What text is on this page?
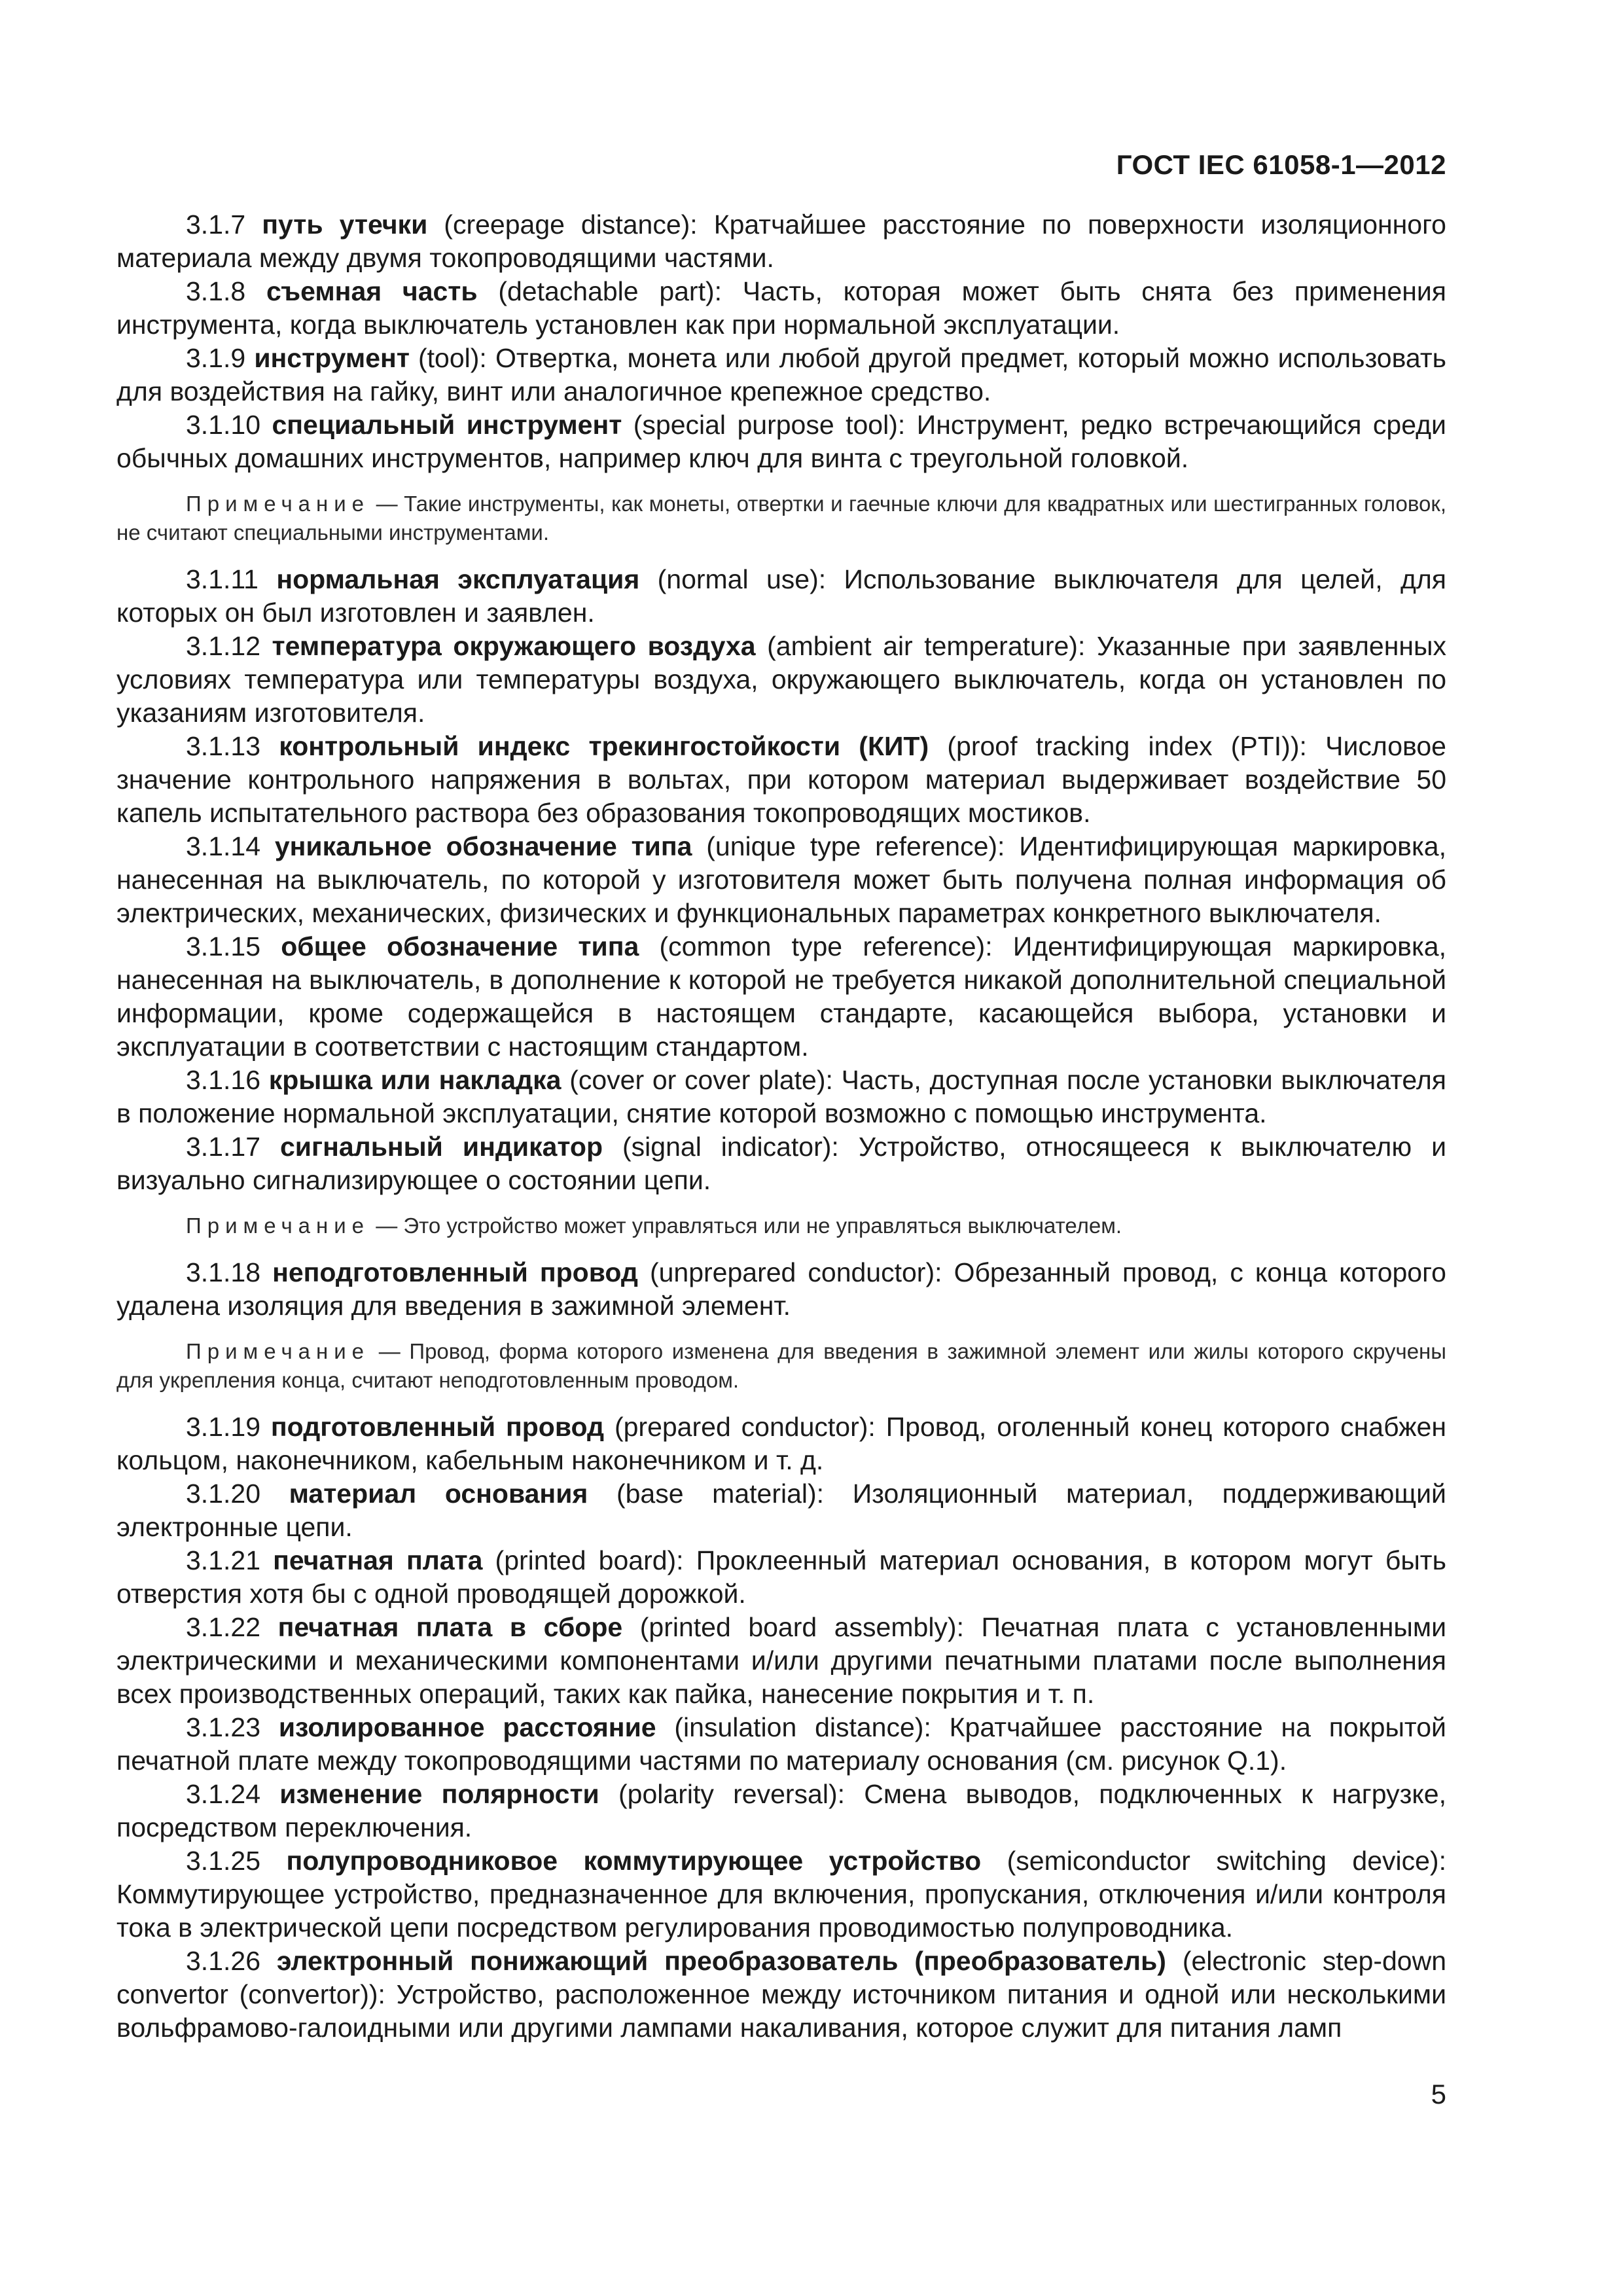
ГОСТ IEC 61058-1—2012

3.1.7 путь утечки (creepage distance): Кратчайшее расстояние по поверхности изоляционного материала между двумя токопроводящими частями.

3.1.8 съемная часть (detachable part): Часть, которая может быть снята без применения инструмента, когда выключатель установлен как при нормальной эксплуатации.

3.1.9 инструмент (tool): Отвертка, монета или любой другой предмет, который можно использовать для воздействия на гайку, винт или аналогичное крепежное средство.

3.1.10 специальный инструмент (special purpose tool): Инструмент, редко встречающийся среди обычных домашних инструментов, например ключ для винта с треугольной головкой.

Примечание — Такие инструменты, как монеты, отвертки и гаечные ключи для квадратных или шестигранных головок, не считают специальными инструментами.

3.1.11 нормальная эксплуатация (normal use): Использование выключателя для целей, для которых он был изготовлен и заявлен.

3.1.12 температура окружающего воздуха (ambient air temperature): Указанные при заявленных условиях температура или температуры воздуха, окружающего выключатель, когда он установлен по указаниям изготовителя.

3.1.13 контрольный индекс трекингостойкости (КИТ) (proof tracking index (PTI)): Числовое значение контрольного напряжения в вольтах, при котором материал выдерживает воздействие 50 капель испытательного раствора без образования токопроводящих мостиков.

3.1.14 уникальное обозначение типа (unique type reference): Идентифицирующая маркировка, нанесенная на выключатель, по которой у изготовителя может быть получена полная информация об электрических, механических, физических и функциональных параметрах конкретного выключателя.

3.1.15 общее обозначение типа (common type reference): Идентифицирующая маркировка, нанесенная на выключатель, в дополнение к которой не требуется никакой дополнительной специальной информации, кроме содержащейся в настоящем стандарте, касающейся выбора, установки и эксплуатации в соответствии с настоящим стандартом.

3.1.16 крышка или накладка (cover or cover plate): Часть, доступная после установки выключателя в положение нормальной эксплуатации, снятие которой возможно с помощью инструмента.

3.1.17 сигнальный индикатор (signal indicator): Устройство, относящееся к выключателю и визуально сигнализирующее о состоянии цепи.

Примечание — Это устройство может управляться или не управляться выключателем.

3.1.18 неподготовленный провод (unprepared conductor): Обрезанный провод, с конца которого удалена изоляция для введения в зажимной элемент.

Примечание — Провод, форма которого изменена для введения в зажимной элемент или жилы которого скручены для укрепления конца, считают неподготовленным проводом.

3.1.19 подготовленный провод (prepared conductor): Провод, оголенный конец которого снабжен кольцом, наконечником, кабельным наконечником и т. д.

3.1.20 материал основания (base material): Изоляционный материал, поддерживающий электронные цепи.

3.1.21 печатная плата (printed board): Проклеенный материал основания, в котором могут быть отверстия хотя бы с одной проводящей дорожкой.

3.1.22 печатная плата в сборе (printed board assembly): Печатная плата с установленными электрическими и механическими компонентами и/или другими печатными платами после выполнения всех производственных операций, таких как пайка, нанесение покрытия и т. п.

3.1.23 изолированное расстояние (insulation distance): Кратчайшее расстояние на покрытой печатной плате между токопроводящими частями по материалу основания (см. рисунок Q.1).

3.1.24 изменение полярности (polarity reversal): Смена выводов, подключенных к нагрузке, посредством переключения.

3.1.25 полупроводниковое коммутирующее устройство (semiconductor switching device): Коммутирующее устройство, предназначенное для включения, пропускания, отключения и/или контроля тока в электрической цепи посредством регулирования проводимостью полупроводника.

3.1.26 электронный понижающий преобразователь (преобразователь) (electronic step-down convertor (convertor)): Устройство, расположенное между источником питания и одной или несколькими вольфрамово-галоидными или другими лампами накаливания, которое служит для питания ламп

5
